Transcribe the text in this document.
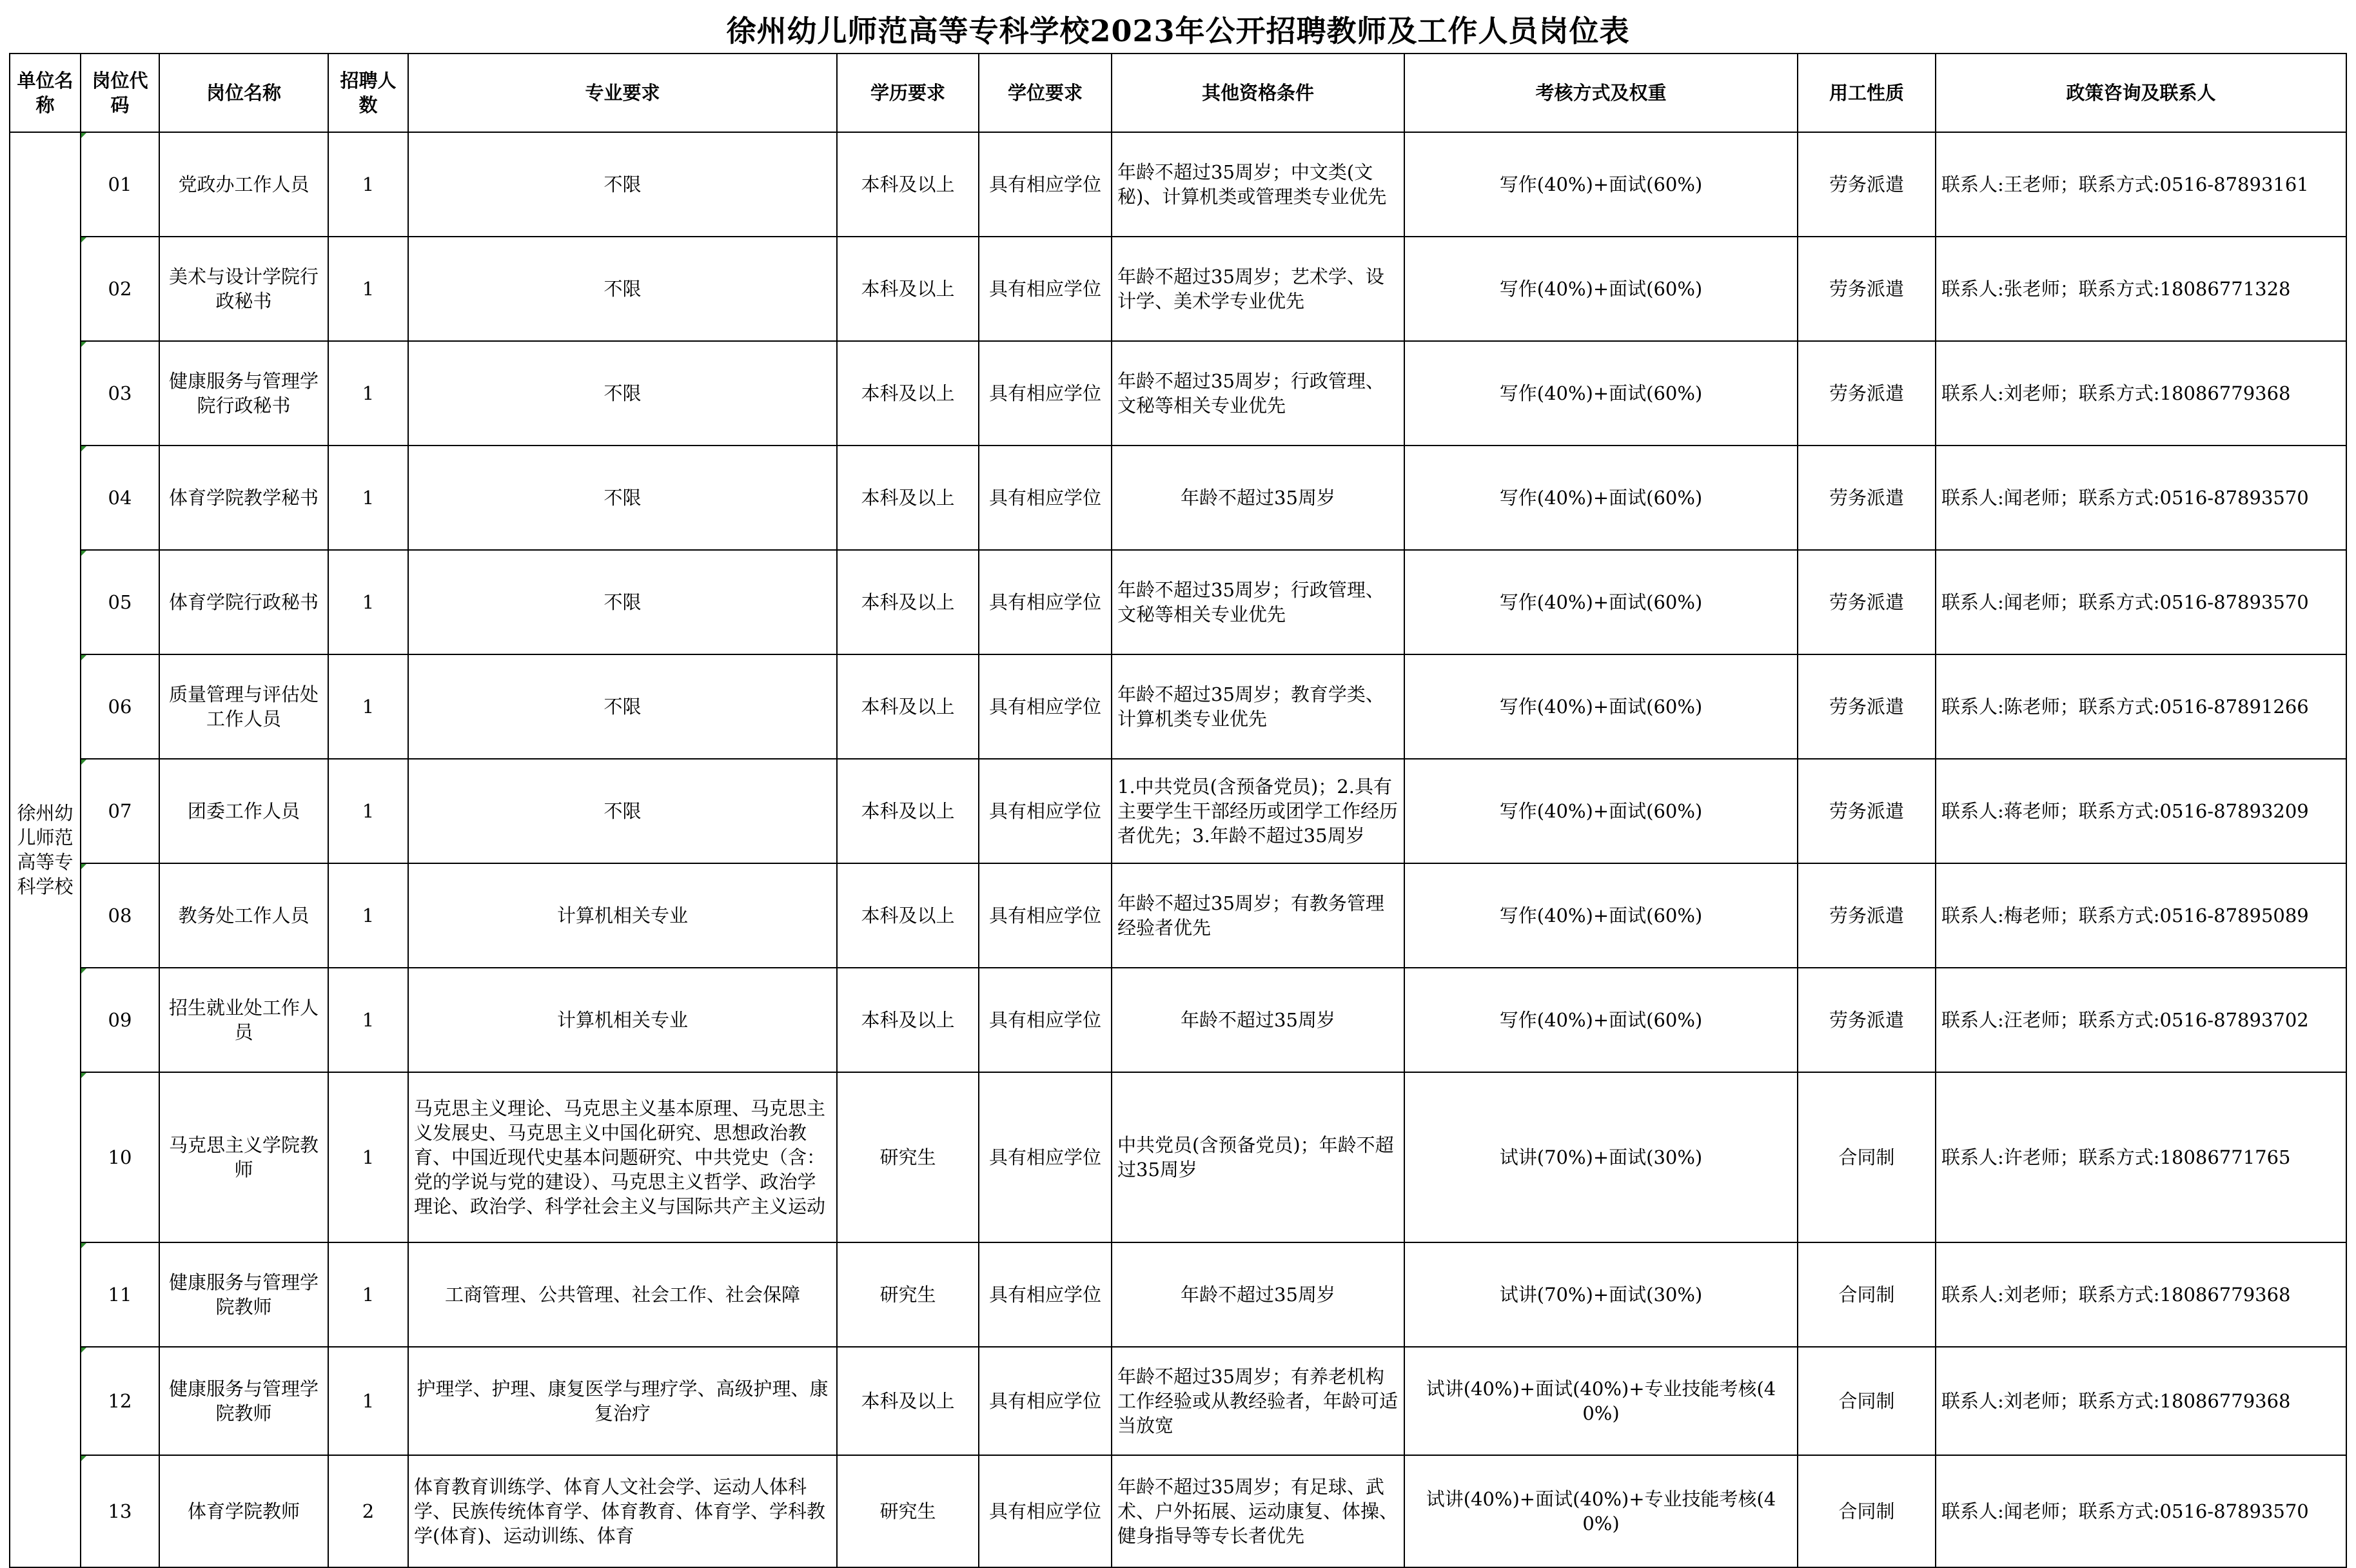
徐州幼儿师范高等专科学校2023年公开招聘教师及工作人员岗位表
单位名称	岗位代码	岗位名称	招聘人数	专业要求	学历要求	学位要求	其他资格条件	考核方式及权重	用工性质	政策咨询及联系人
徐州幼儿师范高等专科学校	01	党政办工作人员	1	不限	本科及以上	具有相应学位	年龄不超过35周岁；中文类(文秘)、计算机类或管理类专业优先	写作(40%)+面试(60%)	劳务派遣	联系人:王老师；联系方式:0516-87893161
	02	美术与设计学院行政秘书	1	不限	本科及以上	具有相应学位	年龄不超过35周岁；艺术学、设计学、美术学专业优先	写作(40%)+面试(60%)	劳务派遣	联系人:张老师；联系方式:18086771328
	03	健康服务与管理学院行政秘书	1	不限	本科及以上	具有相应学位	年龄不超过35周岁；行政管理、文秘等相关专业优先	写作(40%)+面试(60%)	劳务派遣	联系人:刘老师；联系方式:18086779368
	04	体育学院教学秘书	1	不限	本科及以上	具有相应学位	年龄不超过35周岁	写作(40%)+面试(60%)	劳务派遣	联系人:闻老师；联系方式:0516-87893570
	05	体育学院行政秘书	1	不限	本科及以上	具有相应学位	年龄不超过35周岁；行政管理、文秘等相关专业优先	写作(40%)+面试(60%)	劳务派遣	联系人:闻老师；联系方式:0516-87893570
	06	质量管理与评估处工作人员	1	不限	本科及以上	具有相应学位	年龄不超过35周岁；教育学类、计算机类专业优先	写作(40%)+面试(60%)	劳务派遣	联系人:陈老师；联系方式:0516-87891266
	07	团委工作人员	1	不限	本科及以上	具有相应学位	1.中共党员(含预备党员)；2.具有主要学生干部经历或团学工作经历者优先；3.年龄不超过35周岁	写作(40%)+面试(60%)	劳务派遣	联系人:蒋老师；联系方式:0516-87893209
	08	教务处工作人员	1	计算机相关专业	本科及以上	具有相应学位	年龄不超过35周岁；有教务管理经验者优先	写作(40%)+面试(60%)	劳务派遣	联系人:梅老师；联系方式:0516-87895089
	09	招生就业处工作人员	1	计算机相关专业	本科及以上	具有相应学位	年龄不超过35周岁	写作(40%)+面试(60%)	劳务派遣	联系人:汪老师；联系方式:0516-87893702
	10	马克思主义学院教师	1	马克思主义理论、马克思主义基本原理、马克思主义发展史、马克思主义中国化研究、思想政治教育、中国近现代史基本问题研究、中共党史（含：党的学说与党的建设）、马克思主义哲学、政治学理论、政治学、科学社会主义与国际共产主义运动	研究生	具有相应学位	中共党员(含预备党员)；年龄不超过35周岁	试讲(70%)+面试(30%)	合同制	联系人:许老师；联系方式:18086771765
	11	健康服务与管理学院教师	1	工商管理、公共管理、社会工作、社会保障	研究生	具有相应学位	年龄不超过35周岁	试讲(70%)+面试(30%)	合同制	联系人:刘老师；联系方式:18086779368
	12	健康服务与管理学院教师	1	护理学、护理、康复医学与理疗学、高级护理、康复治疗	本科及以上	具有相应学位	年龄不超过35周岁；有养老机构工作经验或从教经验者，年龄可适当放宽	试讲(40%)+面试(40%)+专业技能考核(40%)	合同制	联系人:刘老师；联系方式:18086779368
	13	体育学院教师	2	体育教育训练学、体育人文社会学、运动人体科学、民族传统体育学、体育教育、体育学、学科教学(体育)、运动训练、体育	研究生	具有相应学位	年龄不超过35周岁；有足球、武术、户外拓展、运动康复、体操、健身指导等专长者优先	试讲(40%)+面试(40%)+专业技能考核(40%)	合同制	联系人:闻老师；联系方式:0516-87893570
